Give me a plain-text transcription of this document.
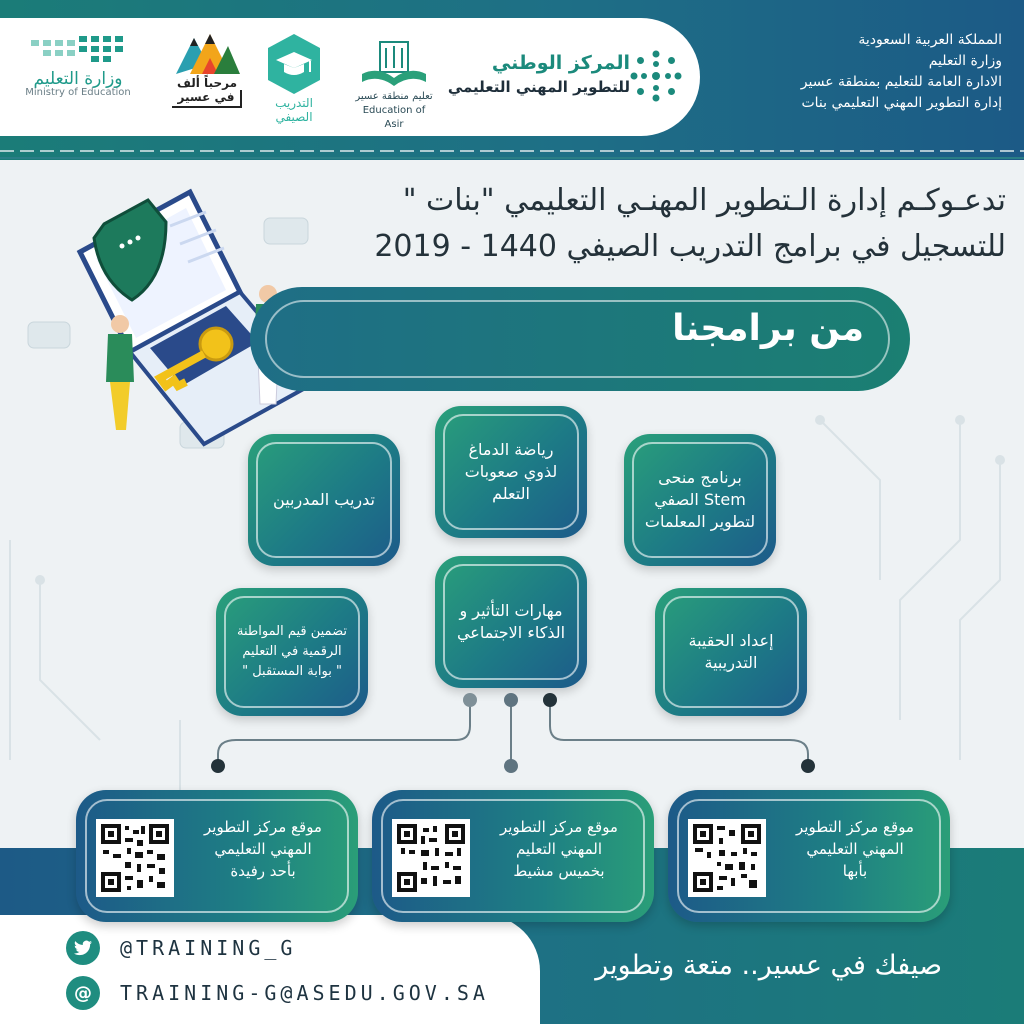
المملكة العربية السعودية
وزارة التعليم
الادارة العامة للتعليم بمنطقة عسير
إدارة التطوير المهني التعليمي بنات
المركز الوطني
للتطوير المهني التعليمي
تعليم منطقة عسير
Education of Asir
التدريب الصيفي
مرحباً ألف
في عسير
وزارة التعليم
Ministry of Education
تدعـوكـم إدارة الـتطوير المهنـي التعليمي "بنات "
للتسجيل في برامج التدريب الصيفي 1440 - 2019
من برامجنا
تدريب المدربين
رياضة الدماغ
لذوي صعوبات
التعلم
برنامج منحى
Stem الصفي
لتطوير المعلمات
تضمين قيم المواطنة
الرقمية في التعليم
" بوابة المستقبل "
مهارات التأثير و
الذكاء الاجتماعي	إعداد الحقيبة
التدريبية
موقع مركز التطوير
المهني التعليمي
بأحد رفيدة
موقع مركز التطوير
المهني التعليم
بخميس مشيط
موقع مركز التطوير
المهني التعليمي
بأبها
@TRAINING_G
@	TRAINING-G@ASEDU.GOV.SA
صيفك في عسير.. متعة وتطوير
